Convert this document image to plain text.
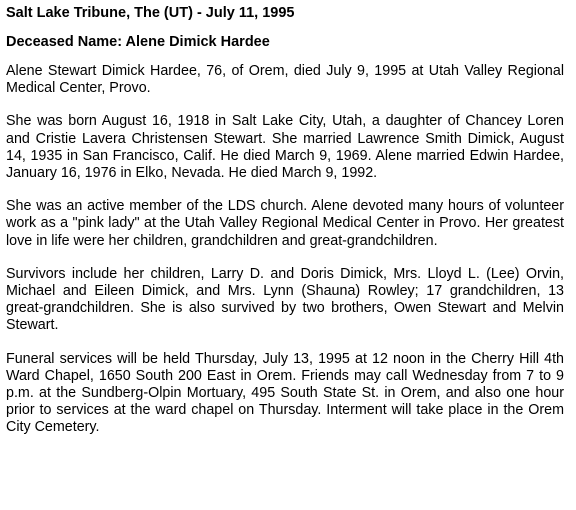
Salt Lake Tribune, The (UT) - July 11, 1995
Deceased Name: Alene Dimick Hardee

Alene Stewart Dimick Hardee, 76, of Orem, died July 9, 1995 at Utah Valley Regional Medical Center, Provo.

She was born August 16, 1918 in Salt Lake City, Utah, a daughter of Chancey Loren and Cristie Lavera Christensen Stewart. She married Lawrence Smith Dimick, August 14, 1935 in San Francisco, Calif. He died March 9, 1969. Alene married Edwin Hardee, January 16, 1976 in Elko, Nevada. He died March 9, 1992.

She was an active member of the LDS church. Alene devoted many hours of volunteer work as a "pink lady" at the Utah Valley Regional Medical Center in Provo. Her greatest love in life were her children, grandchildren and great-grandchildren.

Survivors include her children, Larry D. and Doris Dimick, Mrs. Lloyd L. (Lee) Orvin, Michael and Eileen Dimick, and Mrs. Lynn (Shauna) Rowley; 17 grandchildren, 13 great-grandchildren. She is also survived by two brothers, Owen Stewart and Melvin Stewart.

Funeral services will be held Thursday, July 13, 1995 at 12 noon in the Cherry Hill 4th Ward Chapel, 1650 South 200 East in Orem. Friends may call Wednesday from 7 to 9 p.m. at the Sundberg-Olpin Mortuary, 495 South State St. in Orem, and also one hour prior to services at the ward chapel on Thursday. Interment will take place in the Orem City Cemetery.
